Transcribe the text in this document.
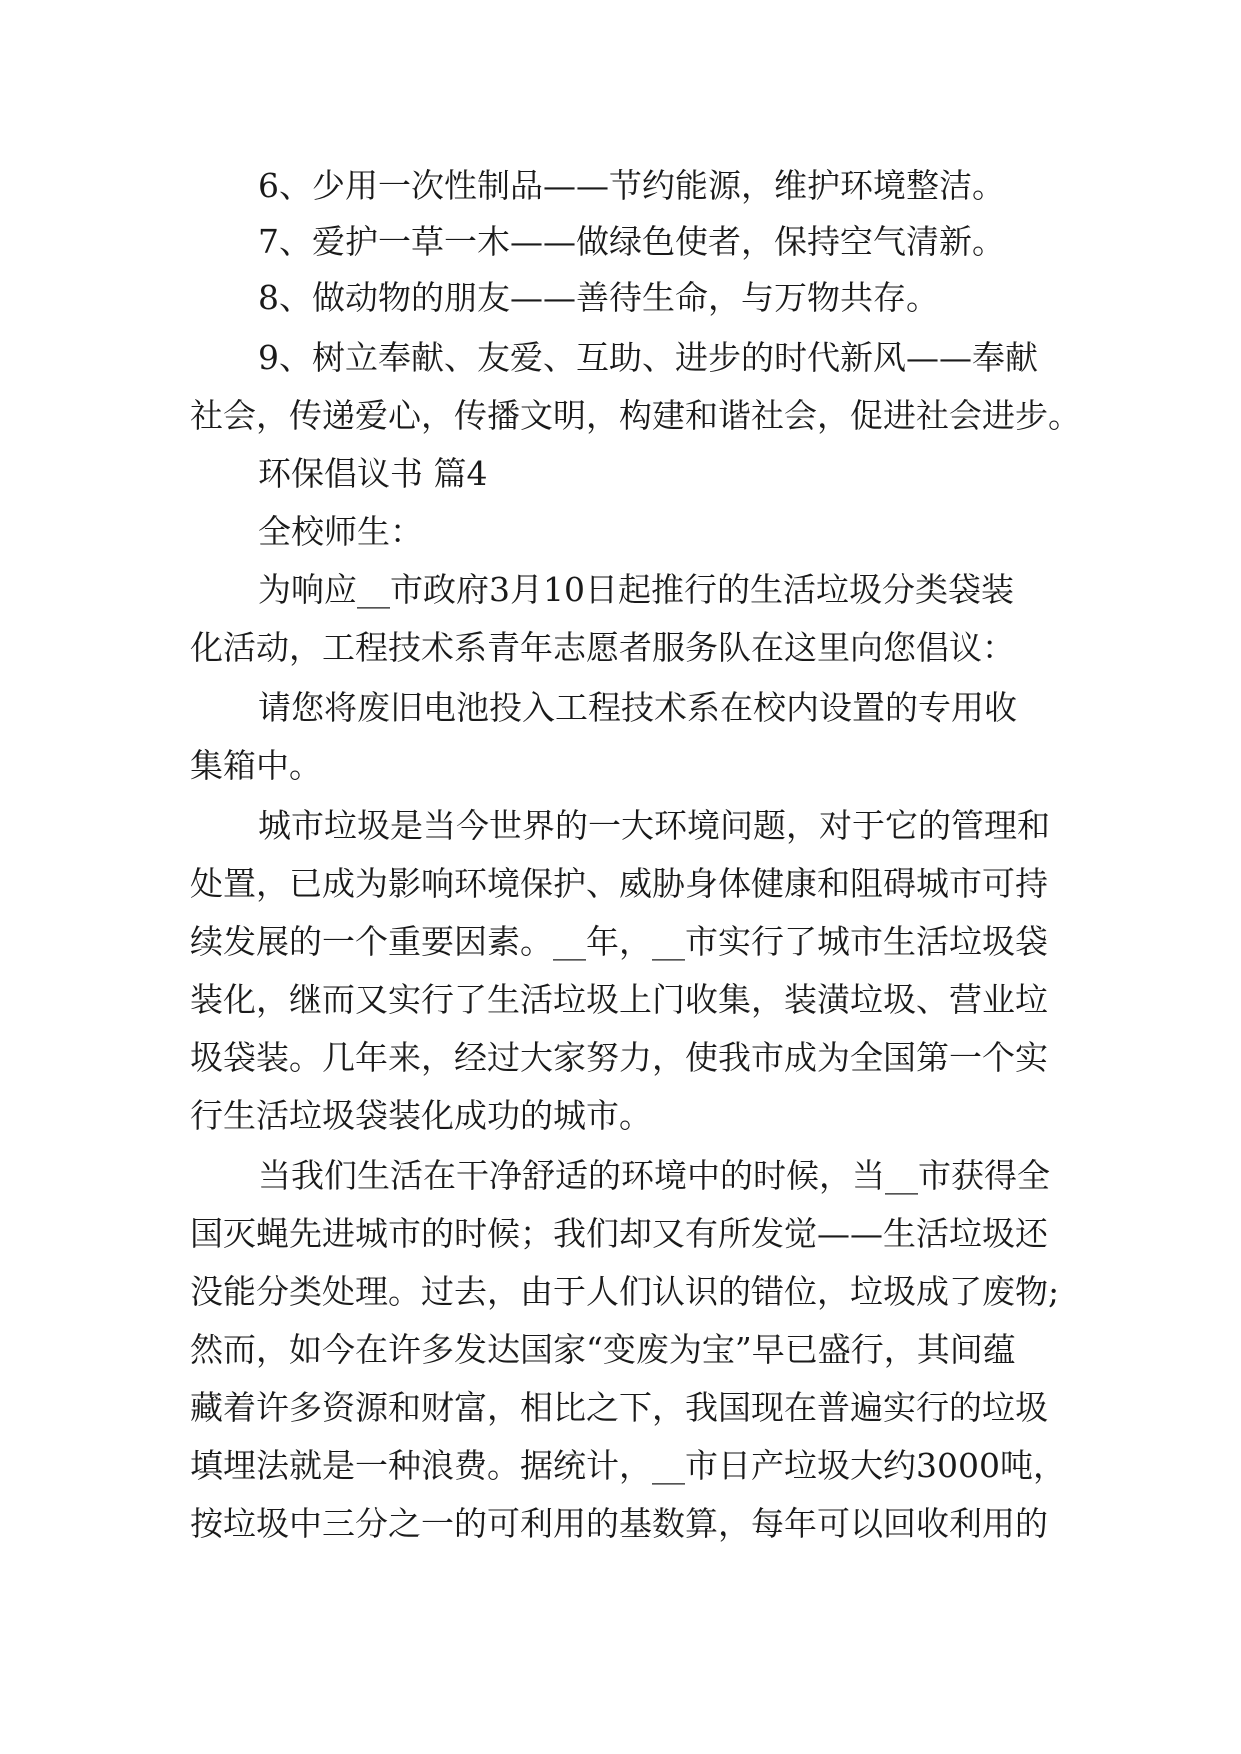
6、少用一次性制品——节约能源，维护环境整洁。
7、爱护一草一木——做绿色使者，保持空气清新。
8、做动物的朋友——善待生命，与万物共存。
9、树立奉献、友爱、互助、进步的时代新风——奉献
社会，传递爱心，传播文明，构建和谐社会，促进社会进步。
环保倡议书 篇4
全校师生：
为响应__市政府3月10日起推行的生活垃圾分类袋装
化活动，工程技术系青年志愿者服务队在这里向您倡议：
请您将废旧电池投入工程技术系在校内设置的专用收
集箱中。
城市垃圾是当今世界的一大环境问题，对于它的管理和
处置，已成为影响环境保护、威胁身体健康和阻碍城市可持
续发展的一个重要因素。__年，__市实行了城市生活垃圾袋
装化，继而又实行了生活垃圾上门收集，装潢垃圾、营业垃
圾袋装。几年来，经过大家努力，使我市成为全国第一个实
行生活垃圾袋装化成功的城市。
当我们生活在干净舒适的环境中的时候，当__市获得全
国灭蝇先进城市的时候；我们却又有所发觉——生活垃圾还
没能分类处理。过去，由于人们认识的错位，垃圾成了废物;
然而，如今在许多发达国家“变废为宝”早已盛行，其间蕴
藏着许多资源和财富，相比之下，我国现在普遍实行的垃圾
填埋法就是一种浪费。据统计，__市日产垃圾大约3000吨，
按垃圾中三分之一的可利用的基数算，每年可以回收利用的
